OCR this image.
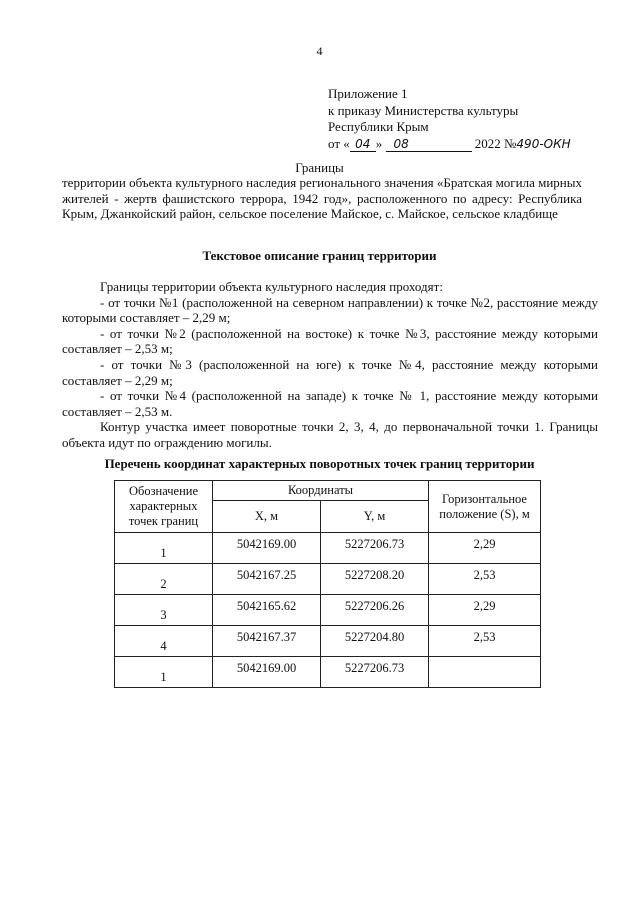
4
Приложение 1
к приказу Министерства культуры
Республики Крым
от « 04 » 08	2022 №490-ОКН
Границы
территории объекта культурного наследия регионального значения «Братская могила мирных жителей - жертв фашистского террора, 1942 год», расположенного по адресу: Республика Крым, Джанкойский район, сельское поселение Майское, с. Майское, сельское кладбище
Текстовое описание границ территории

Границы территории объекта культурного наследия проходят:

- от точки №1 (расположенной на северном направлении) к точке №2, расстояние между которыми составляет – 2,29 м;

- от точки №2 (расположенной на востоке) к точке №3, расстояние между которыми составляет – 2,53 м;

- от точки №3 (расположенной на юге) к точке №4, расстояние между которыми составляет – 2,29 м;

- от точки №4 (расположенной на западе) к точке № 1, расстояние между которыми составляет – 2,53 м.

Контур участка имеет поворотные точки 2, 3, 4, до первоначальной точки 1. Границы объекта идут по ограждению могилы.

Перечень координат характерных поворотных точек границ территории
Обозначение характерных точек границ	Координаты		Горизонтальное положение (S), м
	X, м	Y, м	
1	5042169.00	5227206.73	2,29
2	5042167.25	5227208.20	2,53
3	5042165.62	5227206.26	2,29
4	5042167.37	5227204.80	2,53
1	5042169.00	5227206.73	
